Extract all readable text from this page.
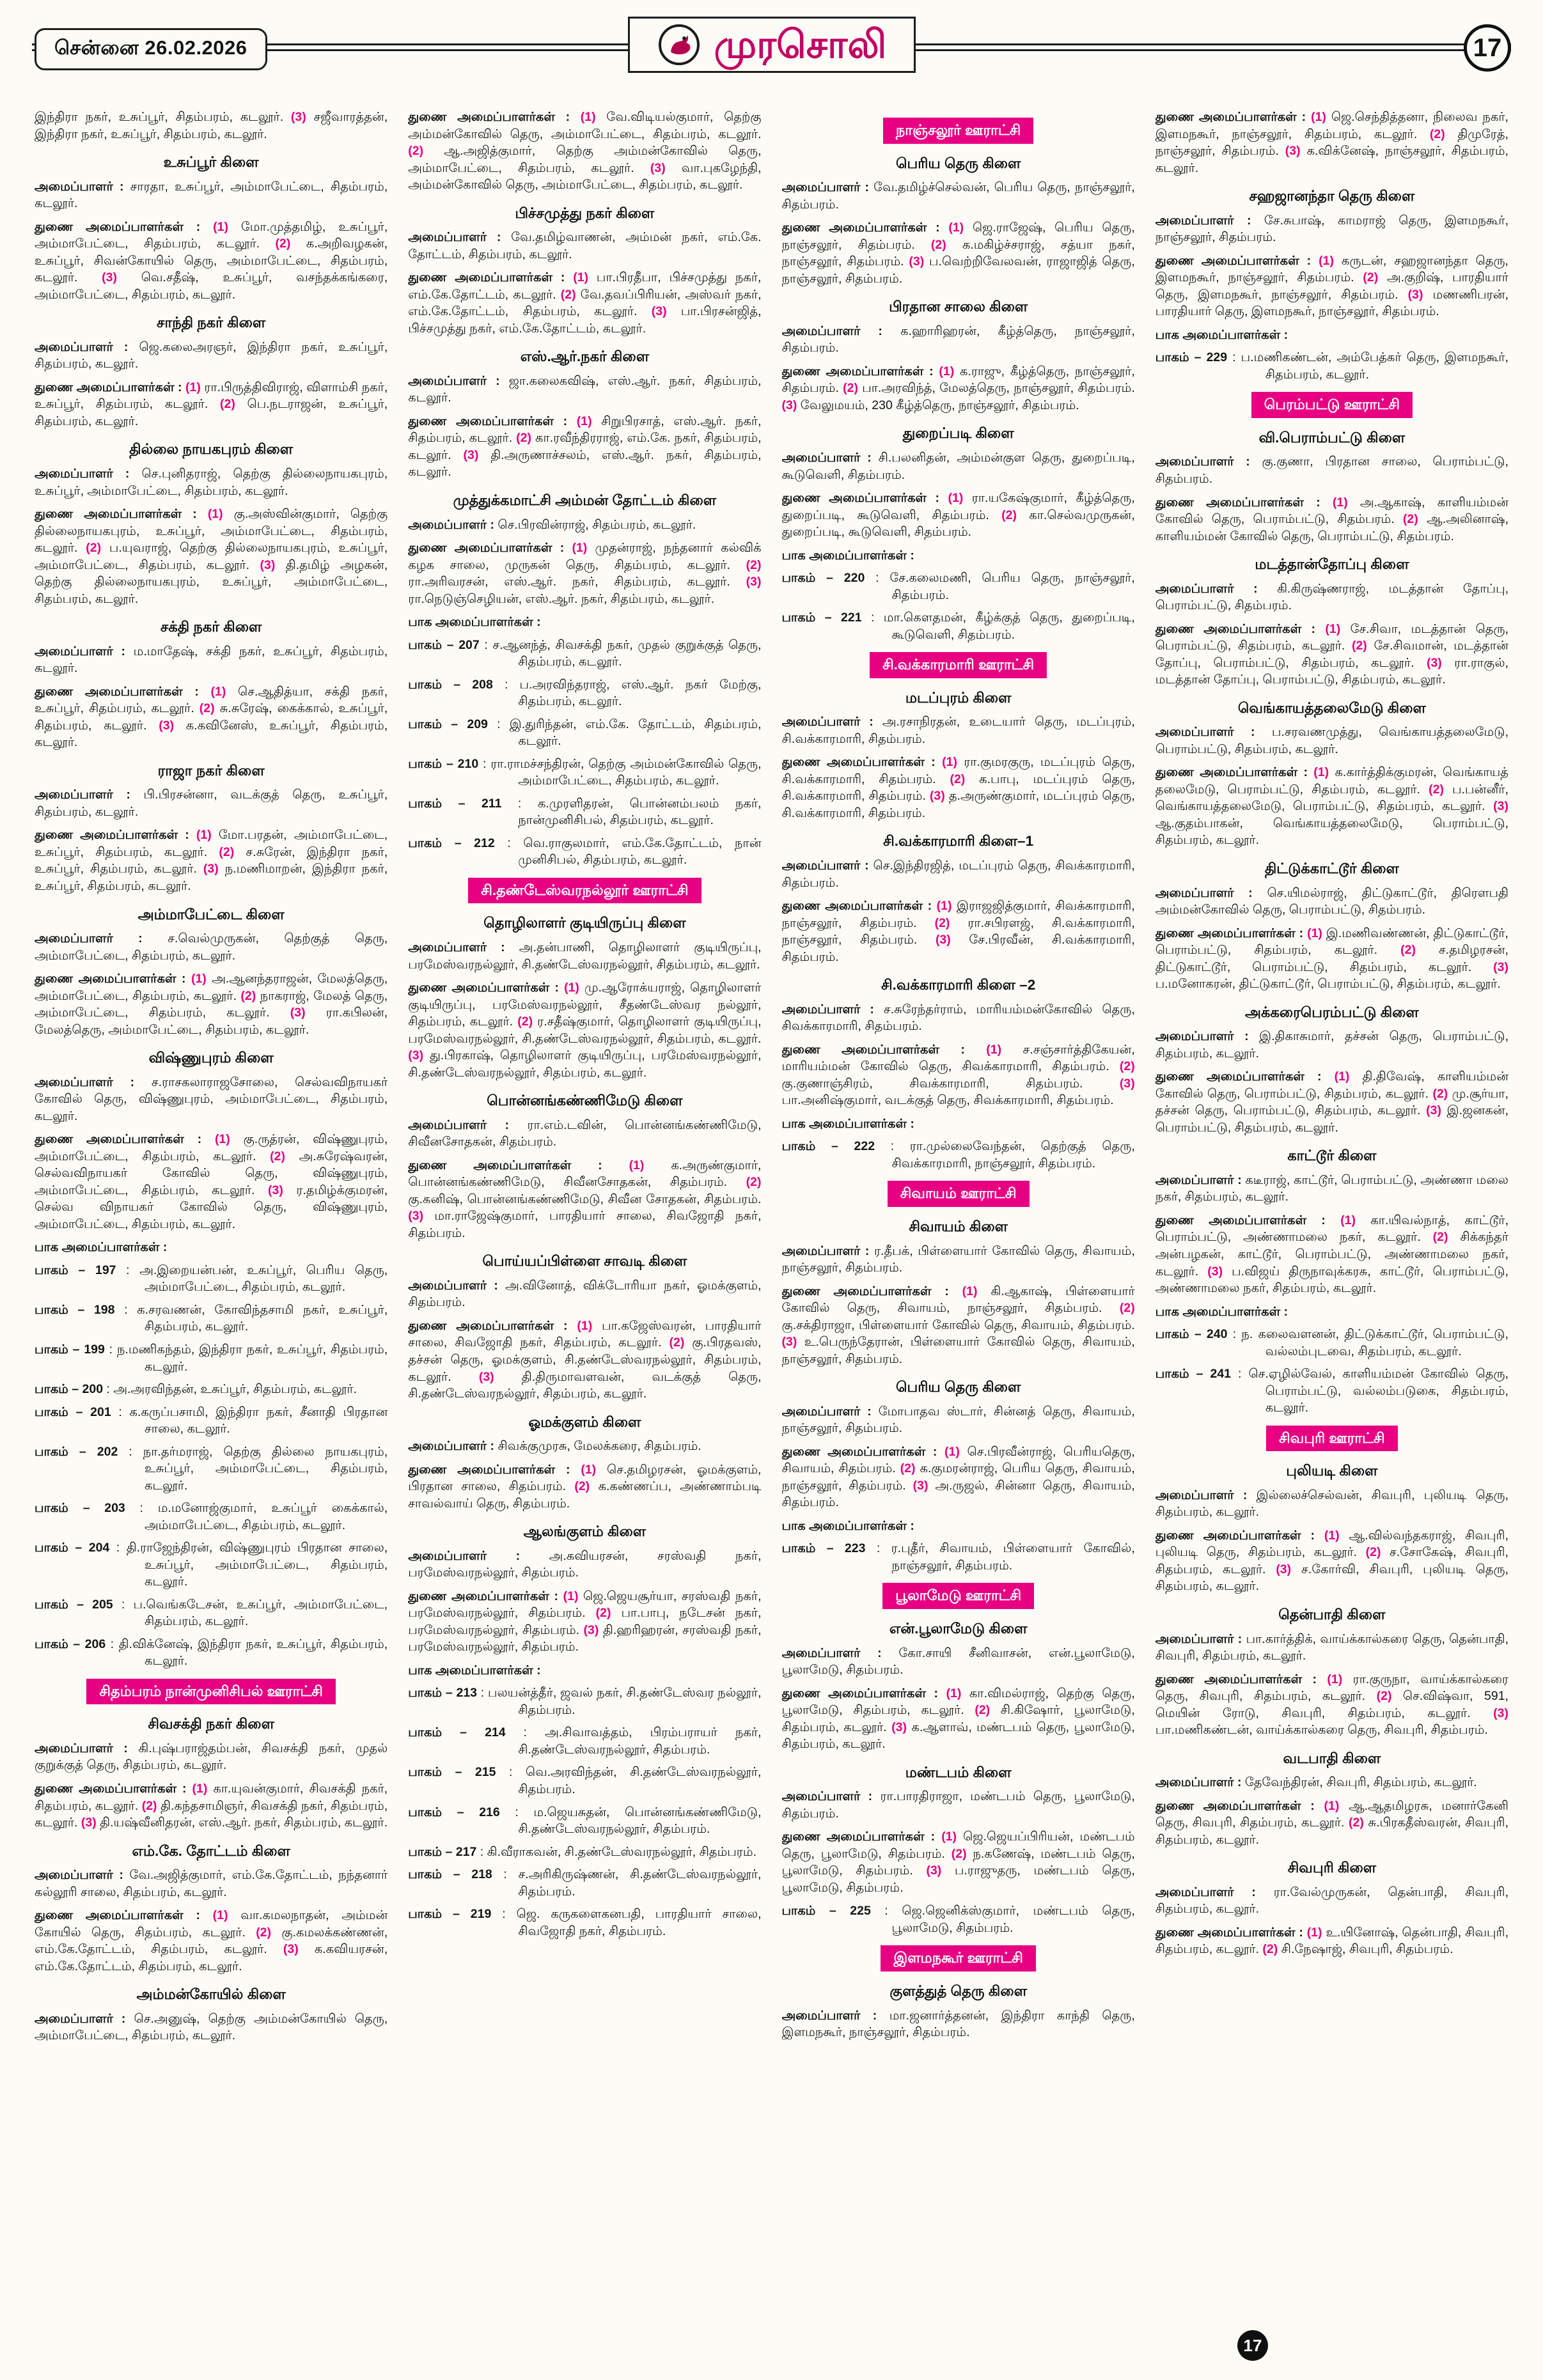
சென்னை 26.02.2026	முரசொலி	17
இந்திரா நகர், உசுப்பூர், சிதம்பரம், கடலூர். (3) சஜீவாரத்தன், இந்திரா நகர், உசுப்பூர், சிதம்பரம், கடலூர்.
உசுப்பூர் கிளை
அமைப்பாளர் : சாரதா, உசுப்பூர், அம்மாபேட்டை, சிதம்பரம், கடலூர்.
துணை அமைப்பாளர்கள் : (1) மோ.முத்தமிழ், உசுப்பூர், அம்மாபேட்டை, சிதம்பரம், கடலூர். (2) க.அறிவழகன், உசுப்பூர், சிவன்கோயில் தெரு, அம்மாபேட்டை, சிதம்பரம், கடலூர். (3) வெ.சதீஷ், உசுப்பூர், வசந்தக்கங்கரை, அம்மாபேட்டை, சிதம்பரம், கடலூர்.
சாந்தி நகர் கிளை
அமைப்பாளர் : ஜெ.கலைஅரஞர், இந்திரா நகர், உசுப்பூர், சிதம்பரம், கடலூர்.
துணை அமைப்பாளர்கள் : (1) ரா.பிருத்திவிராஜ், விளாம்சி நகர், உசுப்பூர், சிதம்பரம், கடலூர். (2) பெ.நடராஜன், உசுப்பூர், சிதம்பரம், கடலூர்.
தில்லை நாயகபுரம் கிளை
அமைப்பாளர் : செ.புனிதராஜ், தெற்கு தில்லைநாயகபுரம், உசுப்பூர், அம்மாபேட்டை, சிதம்பரம், கடலூர்.
துணை அமைப்பாளர்கள் : (1) கு.அஸ்வின்குமார், தெற்கு தில்லைநாயகபுரம், உசுப்பூர், அம்மாபேட்டை, சிதம்பரம், கடலூர். (2) ப.யுவராஜ், தெற்கு தில்லைநாயகபுரம், உசுப்பூர், அம்மாபேட்டை, சிதம்பரம், கடலூர். (3) தி.தமிழ் அழகன், தெற்கு தில்லைநாயகபுரம், உசுப்பூர், அம்மாபேட்டை, சிதம்பரம், கடலூர்.
சக்தி நகர் கிளை
அமைப்பாளர் : ம.மாதேஷ், சக்தி நகர், உசுப்பூர், சிதம்பரம், கடலூர்.
துணை அமைப்பாளர்கள் : (1) செ.ஆதித்யா, சக்தி நகர், உசுப்பூர், சிதம்பரம், கடலூர். (2) சு.சுரேஷ், கைக்கால், உசுப்பூர், சிதம்பரம், கடலூர். (3) க.கவினேஸ், உசுப்பூர், சிதம்பரம், கடலூர்.
ராஜா நகர் கிளை
அமைப்பாளர் : பி.பிரசன்னா, வடக்குத் தெரு, உசுப்பூர், சிதம்பரம், கடலூர்.
துணை அமைப்பாளர்கள் : (1) மோ.பரதன், அம்மாபேட்டை, உசுப்பூர், சிதம்பரம், கடலூர். (2) ச.சுரேன், இந்திரா நகர், உசுப்பூர், சிதம்பரம், கடலூர். (3) ந.மணிமாறன், இந்திரா நகர், உசுப்பூர், சிதம்பரம், கடலூர்.
அம்மாபேட்டை கிளை
அமைப்பாளர் : ச.வெல்முருகன், தெற்குத் தெரு, அம்மாபேட்டை, சிதம்பரம், கடலூர்.
துணை அமைப்பாளர்கள் : (1) அ.ஆனந்தராஜன், மேலத்தெரு, அம்மாபேட்டை, சிதம்பரம், கடலூர். (2) நாகராஜ், மேலத் தெரு, அம்மாபேட்டை, சிதம்பரம், கடலூர். (3) ரா.கபிலன், மேலத்தெரு, அம்மாபேட்டை, சிதம்பரம், கடலூர்.
விஷ்ணுபுரம் கிளை
அமைப்பாளர் : ச.ராசகலாராஜசோலை, செல்வவிநாயகர் கோவில் தெரு, விஷ்ணுபுரம், அம்மாபேட்டை, சிதம்பரம், கடலூர்.
துணை அமைப்பாளர்கள் : (1) கு.ருத்ரன், விஷ்ணுபுரம், அம்மாபேட்டை, சிதம்பரம், கடலூர். (2) அ.சுரேஷ்வரன், செல்வவிநாயகர் கோவில் தெரு, விஷ்ணுபுரம், அம்மாபேட்டை, சிதம்பரம், கடலூர். (3) ர.தமிழ்க்குமரன், செல்வ விநாயகர் கோவில் தெரு, விஷ்ணுபுரம், அம்மாபேட்டை, சிதம்பரம், கடலூர்.
பாக அமைப்பாளர்கள் :
பாகம் – 197 : அ.இறையன்பன், உசுப்பூர், பெரிய தெரு, அம்மாபேட்டை, சிதம்பரம், கடலூர்.
பாகம் – 198 : க.சரவணன், கோவிந்தசாமி நகர், உசுப்பூர், சிதம்பரம், கடலூர்.
பாகம் – 199 : ந.மணிகந்தம், இந்திரா நகர், உசுப்பூர், சிதம்பரம், கடலூர்.
பாகம் – 200 : அ.அரவிந்தன், உசுப்பூர், சிதம்பரம், கடலூர்.
பாகம் – 201 : க.கருப்பசாமி, இந்திரா நகர், சீனாதி பிரதான சாலை, கடலூர்.
பாகம் – 202 : நா.தர்மராஜ், தெற்கு தில்லை நாயகபுரம், உசுப்பூர், அம்மாபேட்டை, சிதம்பரம், கடலூர்.
பாகம் – 203 : ம.மனோஜ்குமார், உசுப்பூர் கைக்கால், அம்மாபேட்டை, சிதம்பரம், கடலூர்.
பாகம் – 204 : தி.ராஜேந்திரன், விஷ்ணுபுரம் பிரதான சாலை, உசுப்பூர், அம்மாபேட்டை, சிதம்பரம், கடலூர்.
பாகம் – 205 : ப.வெங்கடேசன், உசுப்பூர், அம்மாபேட்டை, சிதம்பரம், கடலூர்.
பாகம் – 206 : தி.விக்னேஷ், இந்திரா நகர், உசுப்பூர், சிதம்பரம், கடலூர்.
சிதம்பரம் நான்முனிசிபல் ஊராட்சி
சிவசக்தி நகர் கிளை
அமைப்பாளர் : கி.புஷ்பராஜ்தம்பன், சிவசக்தி நகர், முதல் குறுக்குத் தெரு, சிதம்பரம், கடலூர்.
துணை அமைப்பாளர்கள் : (1) கா.யுவன்குமார், சிவசக்தி நகர், சிதம்பரம், கடலூர். (2) தி.கந்தசாமிஞர், சிவசக்தி நகர், சிதம்பரம், கடலூர். (3) தி.யஷ்வீனிதரன், எஸ்.ஆர். நகர், சிதம்பரம், கடலூர்.
எம்.கே. தோட்டம் கிளை
அமைப்பாளர் : வே.அஜித்குமார், எம்.கே.தோட்டம், நந்தனார் கல்லூரி சாலை, சிதம்பரம், கடலூர்.
துணை அமைப்பாளர்கள் : (1) வா.கமலநாதன், அம்மன் கோயில் தெரு, சிதம்பரம், கடலூர். (2) கு.கமலக்கண்ணன், எம்.கே.தோட்டம், சிதம்பரம், கடலூர். (3) க.கவியரசன், எம்.கே.தோட்டம், சிதம்பரம், கடலூர்.
அம்மன்கோயில் கிளை
அமைப்பாளர் : செ.அனுஷ், தெற்கு அம்மன்கோயில் தெரு, அம்மாபேட்டை, சிதம்பரம், கடலூர்.
துணை அமைப்பாளர்கள் : (1) வே.விடியல்குமார், தெற்கு அம்மன்கோவில் தெரு, அம்மாபேட்டை, சிதம்பரம், கடலூர். (2) ஆ.அஜித்குமார், தெற்கு அம்மன்கோவில் தெரு, அம்மாபேட்டை, சிதம்பரம், கடலூர். (3) வா.புகழேந்தி, அம்மன்கோவில் தெரு, அம்மாபேட்டை, சிதம்பரம், கடலூர்.
பிச்சமுத்து நகர் கிளை
அமைப்பாளர் : வே.தமிழ்வாணன், அம்மன் நகர், எம்.கே. தோட்டம், சிதம்பரம், கடலூர்.
துணை அமைப்பாளர்கள் : (1) பா.பிரதீபா, பிச்சமுத்து நகர், எம்.கே.தோட்டம், கடலூர். (2) வே.தவப்பிரியன், அஸ்வர் நகர், எம்.கே.தோட்டம், சிதம்பரம், கடலூர். (3) பா.பிரசன்ஜித், பிச்சமுத்து நகர், எம்.கே.தோட்டம், கடலூர்.
எஸ்.ஆர்.நகர் கிளை
அமைப்பாளர் : ஜா.கலைகவிஷ், எஸ்.ஆர். நகர், சிதம்பரம், கடலூர்.
துணை அமைப்பாளர்கள் : (1) சிறுபிரசாத், எஸ்.ஆர். நகர், சிதம்பரம், கடலூர். (2) கா.ரவீந்திரராஜ், எம்.கே. நகர், சிதம்பரம், கடலூர். (3) தி.அருணாச்சலம், எஸ்.ஆர். நகர், சிதம்பரம், கடலூர்.
முத்துக்கமாட்சி அம்மன் தோட்டம் கிளை
அமைப்பாளர் : செ.பிரவின்ராஜ், சிதம்பரம், கடலூர்.
துணை அமைப்பாளர்கள் : (1) முதன்ராஜ், நந்தனார் கல்விக் கழக சாலை, முருகன் தெரு, சிதம்பரம், கடலூர். (2) ரா.அரிவரசன், எஸ்.ஆர். நகர், சிதம்பரம், கடலூர். (3) ரா.நெடுஞ்செழியன், எஸ்.ஆர். நகர், சிதம்பரம், கடலூர்.
பாக அமைப்பாளர்கள் :
பாகம் – 207 : ச.ஆனந்த், சிவசக்தி நகர், முதல் குறுக்குத் தெரு, சிதம்பரம், கடலூர்.
பாகம் – 208 : ப.அரவிந்தராஜ், எஸ்.ஆர். நகர் மேற்கு, சிதம்பரம், கடலூர்.
பாகம் – 209 : இ.துரிந்தன், எம்.கே. தோட்டம், சிதம்பரம், கடலூர்.
பாகம் – 210 : ரா.ராமச்சந்திரன், தெற்கு அம்மன்கோவில் தெரு, அம்மாபேட்டை, சிதம்பரம், கடலூர்.
பாகம் – 211 : க.முரளிதரன், பொன்னம்பலம் நகர், நான்முனிசிபல், சிதம்பரம், கடலூர்.
பாகம் – 212 : வெ.ராகுலமார், எம்.கே.தோட்டம், நான் முனிசிபல், சிதம்பரம், கடலூர்.
சி.தண்டேஸ்வரநல்லூர் ஊராட்சி
தொழிலாளர் குடியிருப்பு கிளை
அமைப்பாளர் : அ.தன்பாணி, தொழிலாளர் குடியிருப்பு, பரமேஸ்வரநல்லூர், சி.தண்டேஸ்வரநல்லூர், சிதம்பரம், கடலூர்.
துணை அமைப்பாளர்கள் : (1) மு.ஆரோக்யராஜ், தொழிலாளர் குடியிருப்பு, பரமேஸ்வரநல்லூர், சீதண்டேஸ்வர நல்லூர், சிதம்பரம், கடலூர். (2) ர.சதீஷ்குமார், தொழிலாளர் குடியிருப்பு, பரமேஸ்வரநல்லூர், சி.தண்டேஸ்வரநல்லூர், சிதம்பரம், கடலூர். (3) து.பிரகாஷ், தொழிலாளர் குடியிருப்பு, பரமேஸ்வரநல்லூர், சி.தண்டேஸ்வரநல்லூர், சிதம்பரம், கடலூர்.
பொன்னங்கண்ணிமேடு கிளை
அமைப்பாளர் : ரா.எம்.டவின், பொன்னங்கண்ணிமேடு, சிவீனசோதகன், சிதம்பரம்.
துணை அமைப்பாளர்கள் : (1) க.அருண்குமார், பொன்னங்கண்ணிமேடு, சிவீனசோதகன், சிதம்பரம். (2) கு.கனிஷ், பொன்னங்கண்ணிமேடு, சிவீன சோதகன், சிதம்பரம். (3) மா.ராஜேஷ்குமார், பாரதியார் சாலை, சிவஜோதி நகர், சிதம்பரம்.
பொய்யப்பிள்ளை சாவடி கிளை
அமைப்பாளர் : அ.வினோத், விக்டோரியா நகர், ஓமக்குளம், சிதம்பரம்.
துணை அமைப்பாளர்கள் : (1) பா.கஜேஸ்வரன், பாரதியார் சாலை, சிவஜோதி நகர், சிதம்பரம், கடலூர். (2) கு.பிரதவஸ், தச்சன் தெரு, ஓமக்குளம், சி.தண்டேஸ்வரநல்லூர், சிதம்பரம், கடலூர். (3) தி.திருமாவளவன், வடக்குத் தெரு, சி.தண்டேஸ்வரநல்லூர், சிதம்பரம், கடலூர்.
ஓமக்குளம் கிளை
அமைப்பாளர் : சிவக்குமுரசு, மேலக்கரை, சிதம்பரம்.
துணை அமைப்பாளர்கள் : (1) செ.தமிழரசன், ஓமக்குளம், பிரதான சாலை, சிதம்பரம். (2) க.கண்ணப்ப, அண்ணாம்படி சாவல்வாய் தெரு, சிதம்பரம்.
ஆலங்குளம் கிளை
அமைப்பாளர் : அ.கவியரசன், சரஸ்வதி நகர், பரமேஸ்வரநல்லூர், சிதம்பரம்.
துணை அமைப்பாளர்கள் : (1) ஜெ.ஜெயசூர்யா, சரஸ்வதி நகர், பரமேஸ்வரநல்லூர், சிதம்பரம். (2) பா.பாபு, நடேசன் நகர், பரமேஸ்வரநல்லூர், சிதம்பரம். (3) தி.ஹரிஹரன், சரஸ்வதி நகர், பரமேஸ்வரநல்லூர், சிதம்பரம்.
பாக அமைப்பாளர்கள் :
பாகம் – 213 : பலயன்த்தீர், ஜவல் நகர், சி.தண்டேஸ்வர நல்லூர், சிதம்பரம்.
பாகம் – 214 : அ.சிவாவத்தம், பிரம்பராயர் நகர், சி.தண்டேஸ்வரநல்லூர், சிதம்பரம்.
பாகம் – 215 : வெ.அரவிந்தன், சி.தண்டேஸ்வரநல்லூர், சிதம்பரம்.
பாகம் – 216 : ம.ஜெயசுதன், பொன்னங்கண்ணிமேடு, சி.தண்டேஸ்வரநல்லூர், சிதம்பரம்.
பாகம் – 217 : கி.வீராகவன், சி.தண்டேஸ்வரநல்லூர், சிதம்பரம்.
பாகம் – 218 : ச.அரிகிருஷ்ணன், சி.தண்டேஸ்வரநல்லூர், சிதம்பரம்.
பாகம் – 219 : ஜெ. கருகளைகனபதி, பாரதியார் சாலை, சிவஜோதி நகர், சிதம்பரம்.
நாஞ்சலூர் ஊராட்சி
பெரிய தெரு கிளை
அமைப்பாளர் : வே.தமிழ்ச்செல்வன், பெரிய தெரு, நாஞ்சலூர், சிதம்பரம்.
துணை அமைப்பாளர்கள் : (1) ஜெ.ராஜேஷ், பெரிய தெரு, நாஞ்சலூர், சிதம்பரம். (2) க.மகிழ்ச்சராஜ், சத்யா நகர், நாஞ்சலூர், சிதம்பரம். (3) ப.வெற்றிவேலவன், ராஜாஜித் தெரு, நாஞ்சலூர், சிதம்பரம்.
பிரதான சாலை கிளை
அமைப்பாளர் : க.ஹாரிஹரன், கீழ்த்தெரு, நாஞ்சலூர், சிதம்பரம்.
துணை அமைப்பாளர்கள் : (1) க.ராஜு, கீழ்த்தெரு, நாஞ்சலூர், சிதம்பரம். (2) பா.அரவிந்த், மேலத்தெரு, நாஞ்சலூர், சிதம்பரம். (3) வேலுமயம், 230 கீழ்த்தெரு, நாஞ்சலூர், சிதம்பரம்.
துறைப்படி கிளை
அமைப்பாளர் : சி.பலனிதன், அம்மன்குள தெரு, துறைப்படி, கூடுவெளி, சிதம்பரம்.
துணை அமைப்பாளர்கள் : (1) ரா.யகேஷ்குமார், கீழ்த்தெரு, துறைப்படி, கூடுவெளி, சிதம்பரம். (2) கா.செல்வமுருகன், துறைப்படி, கூடுவெளி, சிதம்பரம்.
பாக அமைப்பாளர்கள் :
பாகம் – 220 : சே.கலைமணி, பெரிய தெரு, நாஞ்சலூர், சிதம்பரம்.
பாகம் – 221 : மா.கௌதமன், கீழ்க்குத் தெரு, துறைப்படி, கூடுவெளி, சிதம்பரம்.
சி.வக்காரமாரி ஊராட்சி
மடப்புரம் கிளை
அமைப்பாளர் : அ.ரசாநிரதன், உடையார் தெரு, மடப்புரம், சி.வக்காரமாரி, சிதம்பரம்.
துணை அமைப்பாளர்கள் : (1) ரா.குமரகுரு, மடப்புரம் தெரு, சி.வக்காரமாரி, சிதம்பரம். (2) க.பாபு, மடப்புரம் தெரு, சி.வக்காரமாரி, சிதம்பரம். (3) த.அருண்குமார், மடப்புரம் தெரு, சி.வக்காரமாரி, சிதம்பரம்.
சி.வக்காரமாரி கிளை–1
அமைப்பாளர் : செ.இந்திரஜித், மடப்புரம் தெரு, சிவக்காரமாரி, சிதம்பரம்.
துணை அமைப்பாளர்கள் : (1) இராஜஜித்குமார், சிவக்காரமாரி, நாஞ்சலூர், சிதம்பரம். (2) ரா.சபிரளஜ், சி.வக்காரமாரி, நாஞ்சலூர், சிதம்பரம். (3) சே.பிரவீன், சி.வக்காரமாரி, சிதம்பரம்.
சி.வக்காரமாரி கிளை –2
அமைப்பாளர் : ச.சுரேந்தர்ராம், மாரியம்மன்கோவில் தெரு, சிவக்காரமாரி, சிதம்பரம்.
துணை அமைப்பாளர்கள் : (1) ச.சஞ்சார்த்திகேயன், மாரியம்மன் கோவில் தெரு, சிவக்காரமாரி, சிதம்பரம். (2) கு.குணாஞ்சிரம், சிவக்காரமாரி, சிதம்பரம். (3) பா.அனிஷ்குமார், வடக்குத் தெரு, சிவக்காரமாரி, சிதம்பரம்.
பாக அமைப்பாளர்கள் :
பாகம் – 222 : ரா.முல்லைவேந்தன், தெற்குத் தெரு, சிவக்காரமாரி, நாஞ்சலூர், சிதம்பரம்.
சிவாயம் ஊராட்சி
சிவாயம் கிளை
அமைப்பாளர் : ர.தீபக், பிள்ளையார் கோவில் தெரு, சிவாயம், நாஞ்சலூர், சிதம்பரம்.
துணை அமைப்பாளர்கள் : (1) கி.ஆகாஷ், பிள்ளையார் கோவில் தெரு, சிவாயம், நாஞ்சலூர், சிதம்பரம். (2) கு.சக்திராஜா, பிள்ளையார் கோவில் தெரு, சிவாயம், சிதம்பரம். (3) உ.பெருந்தேரான், பிள்ளையார் கோவில் தெரு, சிவாயம், நாஞ்சலூர், சிதம்பரம்.
பெரிய தெரு கிளை
அமைப்பாளர் : மோபாதவ ஸ்டார், சின்னத் தெரு, சிவாயம், நாஞ்சலூர், சிதம்பரம்.
துணை அமைப்பாளர்கள் : (1) செ.பிரவீன்ராஜ், பெரியதெரு, சிவாயம், சிதம்பரம். (2) க.குமரன்ராஜ், பெரிய தெரு, சிவாயம், நாஞ்சலூர், சிதம்பரம். (3) அ.ருஜல், சின்னா தெரு, சிவாயம், சிதம்பரம்.
பாக அமைப்பாளர்கள் :
பாகம் – 223 : ர.புதீர், சிவாயம், பிள்ளையார் கோவில், நாஞ்சலூர், சிதம்பரம்.
பூலாமேடு ஊராட்சி
என்.பூலாமேடு கிளை
அமைப்பாளர் : கோ.சாயி சீனிவாசன், என்.பூலாமேடு, பூலாமேடு, சிதம்பரம்.
துணை அமைப்பாளர்கள் : (1) கா.விமல்ராஜ், தெற்கு தெரு, பூலாமேடு, சிதம்பரம், கடலூர். (2) சி.கிஷோர், பூலாமேடு, சிதம்பரம், கடலூர். (3) க.ஆளாவ், மண்டபம் தெரு, பூலாமேடு, சிதம்பரம், கடலூர்.
மண்டபம் கிளை
அமைப்பாளர் : ரா.பாரதிராஜா, மண்டபம் தெரு, பூலாமேடு, சிதம்பரம்.
துணை அமைப்பாளர்கள் : (1) ஜெ.ஜெயப்பிரியன், மண்டபம் தெரு, பூலாமேடு, சிதம்பரம். (2) ந.கணேஷ், மண்டபம் தெரு, பூலாமேடு, சிதம்பரம். (3) ப.ராஜுதரு, மண்டபம் தெரு, பூலாமேடு, சிதம்பரம்.
பாகம் – 225 : ஜெ.ஜெனிக்ஸ்குமார், மண்டபம் தெரு, பூலாமேடு, சிதம்பரம்.
இளமநகூர் ஊராட்சி
குளத்துத் தெரு கிளை
அமைப்பாளர் : மா.ஜனார்த்தனன், இந்திரா காந்தி தெரு, இளமநகூர், நாஞ்சலூர், சிதம்பரம்.
துணை அமைப்பாளர்கள் : (1) ஜெ.செந்தித்தனா, நிலைவ நகர், இளமநகூர், நாஞ்சலூர், சிதம்பரம், கடலூர். (2) திமுரேத், நாஞ்சலூர், சிதம்பரம். (3) க.விக்னேஷ், நாஞ்சலூர், சிதம்பரம், கடலூர்.
சஹஜானந்தா தெரு கிளை
அமைப்பாளர் : சே.சுபாஷ், காமராஜ் தெரு, இளமநகூர், நாஞ்சலூர், சிதம்பரம்.
துணை அமைப்பாளர்கள் : (1) கருடன், சஹஜானந்தா தெரு, இளமநகூர், நாஞ்சலூர், சிதம்பரம். (2) அ.குறிஷ், பாரதியார் தெரு, இளமநகூர், நாஞ்சலூர், சிதம்பரம். (3) மணணிபரன், பாரதியார் தெரு, இளமநகூர், நாஞ்சலூர், சிதம்பரம்.
பாக அமைப்பாளர்கள் :
பாகம் – 229 : ப.மணிகண்டன், அம்பேத்கர் தெரு, இளமநகூர், சிதம்பரம், கடலூர்.
பெரம்பட்டு ஊராட்சி
வி.பெராம்பட்டு கிளை
அமைப்பாளர் : கு.குணா, பிரதான சாலை, பெராம்பட்டு, சிதம்பரம்.
துணை அமைப்பாளர்கள் : (1) அ.ஆகாஷ், காளியம்மன் கோவில் தெரு, பெராம்பட்டு, சிதம்பரம். (2) ஆ.அலினாஷ், காளியம்மன் கோவில் தெரு, பெராம்பட்டு, சிதம்பரம்.
மடத்தான்தோப்பு கிளை
அமைப்பாளர் : கி.கிருஷ்ணராஜ், மடத்தான் தோப்பு, பெராம்பட்டு, சிதம்பரம்.
துணை அமைப்பாளர்கள் : (1) சே.சிவா, மடத்தான் தெரு, பெராம்பட்டு, சிதம்பரம், கடலூர். (2) சே.சிவமான், மடத்தான் தோப்பு, பெராம்பட்டு, சிதம்பரம், கடலூர். (3) ரா.ராகுல், மடத்தான் தோப்பு, பெராம்பட்டு, சிதம்பரம், கடலூர்.
வெங்காயத்தலைமேடு கிளை
அமைப்பாளர் : ப.சரவணமுத்து, வெங்காயத்தலைமேடு, பெராம்பட்டு, சிதம்பரம், கடலூர்.
துணை அமைப்பாளர்கள் : (1) க.கார்த்திக்குமரன், வெங்காயத் தலைமேடு, பெராம்பட்டு, சிதம்பரம், கடலூர். (2) ப.பன்னீர், வெங்காயத்தலைமேடு, பெராம்பட்டு, சிதம்பரம், கடலூர். (3) ஆ.குதம்பாகன், வெங்காயத்தலைமேடு, பெராம்பட்டு, சிதம்பரம், கடலூர்.
திட்டுக்காட்டூர் கிளை
அமைப்பாளர் : செ.யிமல்ராஜ், திட்டுகாட்டூர், திரௌபதி அம்மன்கோவில் தெரு, பெராம்பட்டு, சிதம்பரம்.
துணை அமைப்பாளர்கள் : (1) இ.மணிவண்ணன், திட்டுகாட்டூர், பெராம்பட்டு, சிதம்பரம், கடலூர். (2) ச.தமிழரசன், திட்டுகாட்டூர், பெராம்பட்டு, சிதம்பரம், கடலூர். (3) ப.மனோகரன், திட்டுகாட்டூர், பெராம்பட்டு, சிதம்பரம், கடலூர்.
அக்கரைபெரம்பட்டு கிளை
அமைப்பாளர் : இ.திகாசுமார், தச்சன் தெரு, பெராம்பட்டு, சிதம்பரம், கடலூர்.
துணை அமைப்பாளர்கள் : (1) தி.திவேஷ், காளியம்மன் கோவில் தெரு, பெராம்பட்டு, சிதம்பரம், கடலூர். (2) மு.சூர்யா, தச்சன் தெரு, பெராம்பட்டு, சிதம்பரம், கடலூர். (3) இ.ஜனகன், பெராம்பட்டு, சிதம்பரம், கடலூர்.
காட்டூர் கிளை
அமைப்பாளர் : கடீராஜ், காட்டூர், பெராம்பட்டு, அண்ணா மலை நகர், சிதம்பரம், கடலூர்.
துணை அமைப்பாளர்கள் : (1) கா.யிவல்நாத், காட்டூர், பெராம்பட்டு, அண்ணாமலை நகர், கடலூர். (2) சிக்கந்தர் அன்பழகன், காட்டூர், பெராம்பட்டு, அண்ணாமலை நகர், கடலூர். (3) ப.விஜய் திருநாவுக்கரசு, காட்டூர், பெராம்பட்டு, அண்ணாமலை நகர், சிதம்பரம், கடலூர்.
பாக அமைப்பாளர்கள் :
பாகம் – 240 : ந. கலைவளனன், திட்டுக்காட்டூர், பெராம்பட்டு, வல்லம்புடவை, சிதம்பரம், கடலூர்.
பாகம் – 241 : செ.ஏழில்வேல், காளியம்மன் கோவில் தெரு, பெராம்பட்டு, வல்லம்படுகை, சிதம்பரம், கடலூர்.
சிவபுரி ஊராட்சி
புலியடி கிளை
அமைப்பாளர் : இல்லைச்செல்வன், சிவபுரி, புலியடி தெரு, சிதம்பரம், கடலூர்.
துணை அமைப்பாளர்கள் : (1) ஆ.வில்வந்தகராஜ், சிவபுரி, புலியடி தெரு, சிதம்பரம், கடலூர். (2) ச.சோகேஷ், சிவபுரி, சிதம்பரம், கடலூர். (3) ச.கோர்வி, சிவபுரி, புலியடி தெரு, சிதம்பரம், கடலூர்.
தென்பாதி கிளை
அமைப்பாளர் : பா.கார்த்திக், வாய்க்கால்கரை தெரு, தென்பாதி, சிவபுரி, சிதம்பரம், கடலூர்.
துணை அமைப்பாளர்கள் : (1) ரா.குருநா, வாய்க்கால்கரை தெரு, சிவபுரி, சிதம்பரம், கடலூர். (2) செ.விஷ்வா, 591, மெயின் ரோடு, சிவபுரி, சிதம்பரம், கடலூர். (3) பா.மணிகண்டன், வாய்க்கால்கரை தெரு, சிவபுரி, சிதம்பரம்.
வடபாதி கிளை
அமைப்பாளர் : தேவேந்திரன், சிவபுரி, சிதம்பரம், கடலூர்.
துணை அமைப்பாளர்கள் : (1) ஆ.ஆதமிழரசு, மனார்கேனி தெரு, சிவபுரி, சிதம்பரம், கடலூர். (2) சு.பிரகதீஸ்வரன், சிவபுரி, சிதம்பரம், கடலூர்.
சிவபுரி கிளை
அமைப்பாளர் : ரா.வேல்முருகன், தென்பாதி, சிவபுரி, சிதம்பரம், கடலூர்.
துணை அமைப்பாளர்கள் : (1) உ.யினோஷ், தென்பாதி, சிவபுரி, சிதம்பரம், கடலூர். (2) சி.நேஷாஜ், சிவபுரி, சிதம்பரம்.
17
